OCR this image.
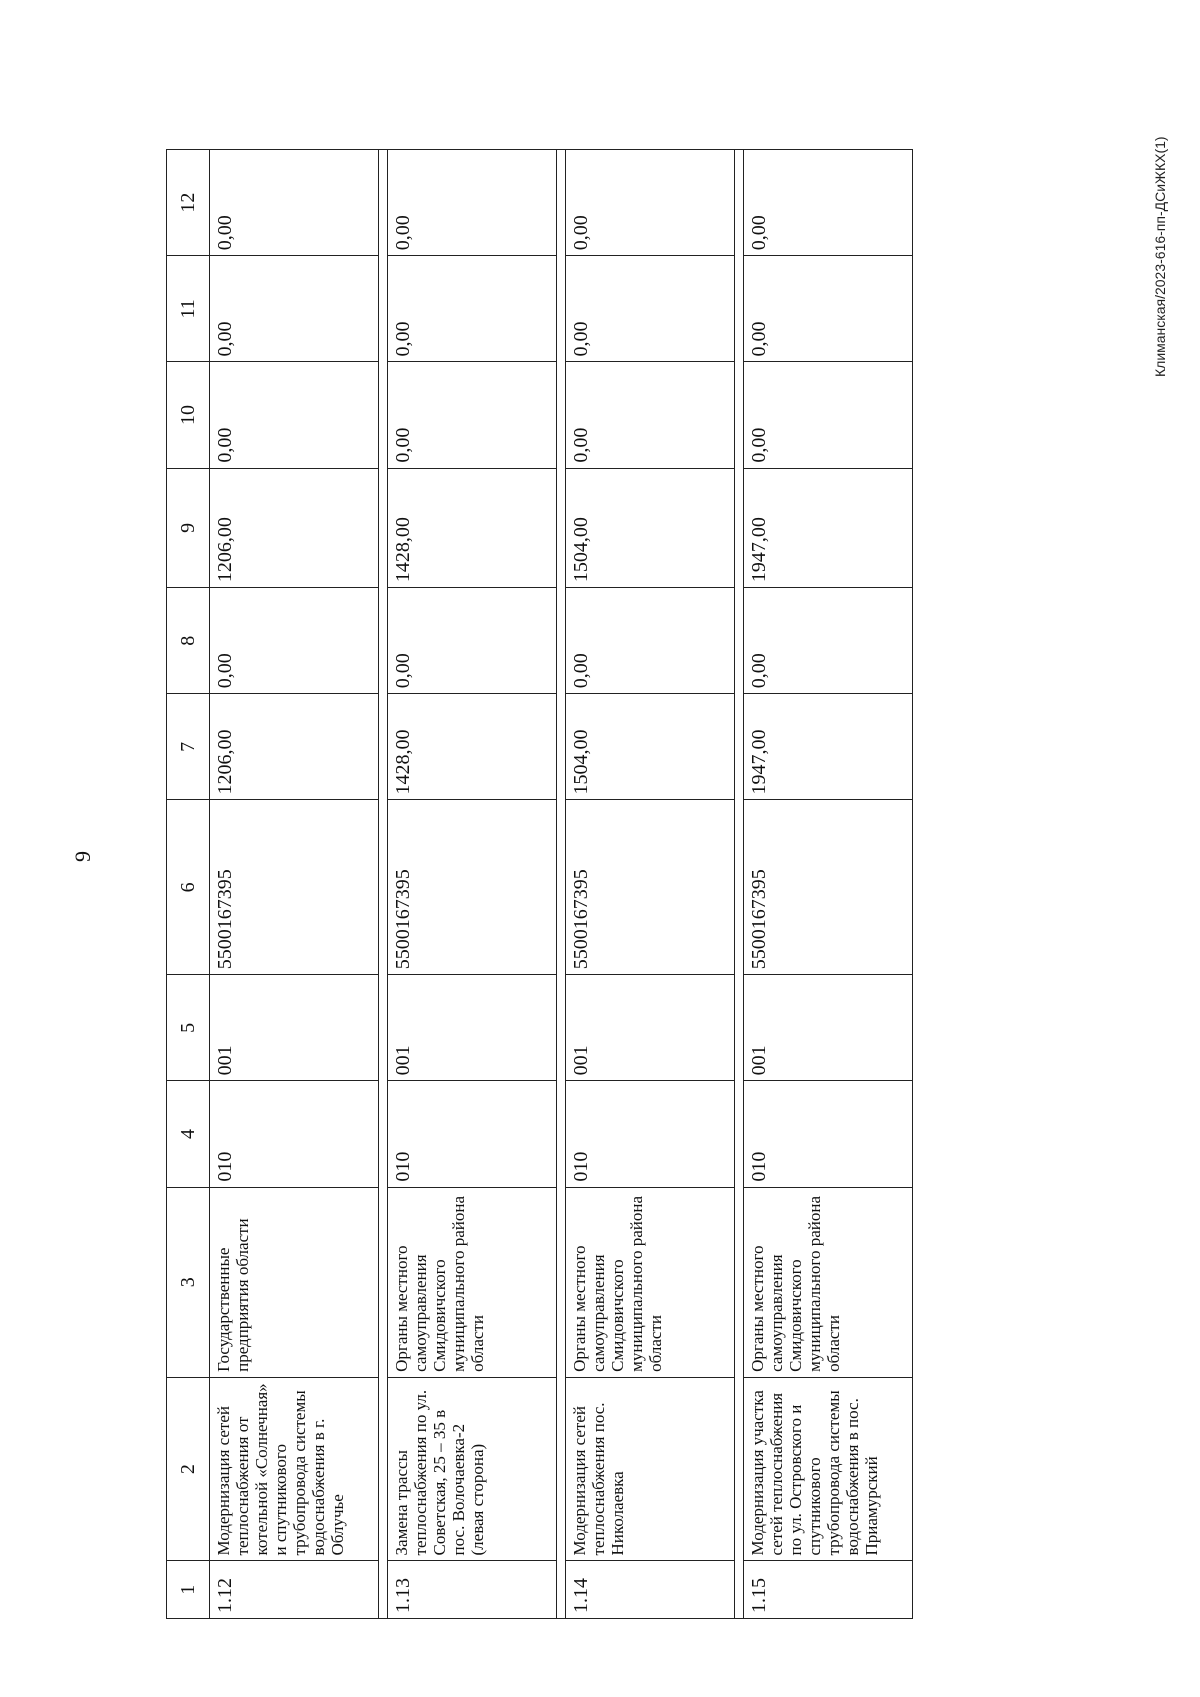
9
1	2	3	4	5	6	7	8	9	10	11	12
1.12	Модернизация сетей теплоснабжения от котельной «Солнечная» и спутникового трубопровода системы водоснабжения в г. Облучье	Государственные предприятия области	010	001	5500167395	1206,00	0,00	1206,00	0,00	0,00	0,00

1.13	Замена трассы теплоснабжения по ул. Советская, 25 – 35 в пос. Волочаевка-2 (левая сторона)	Органы местного самоуправления Смидовичского муниципального района области	010	001	5500167395	1428,00	0,00	1428,00	0,00	0,00	0,00

1.14	Модернизация сетей теплоснабжения пос. Николаевка	Органы местного самоуправления Смидовичского муниципального района области	010	001	5500167395	1504,00	0,00	1504,00	0,00	0,00	0,00

1.15	Модернизация участка сетей теплоснабжения по ул. Островского и спутникового трубопровода системы водоснабжения в пос. Приамурский	Органы местного самоуправления Смидовичского муниципального района области	010	001	5500167395	1947,00	0,00	1947,00	0,00	0,00	0,00	Климанская/2023-616-пп-ДСиЖКХ(1)
